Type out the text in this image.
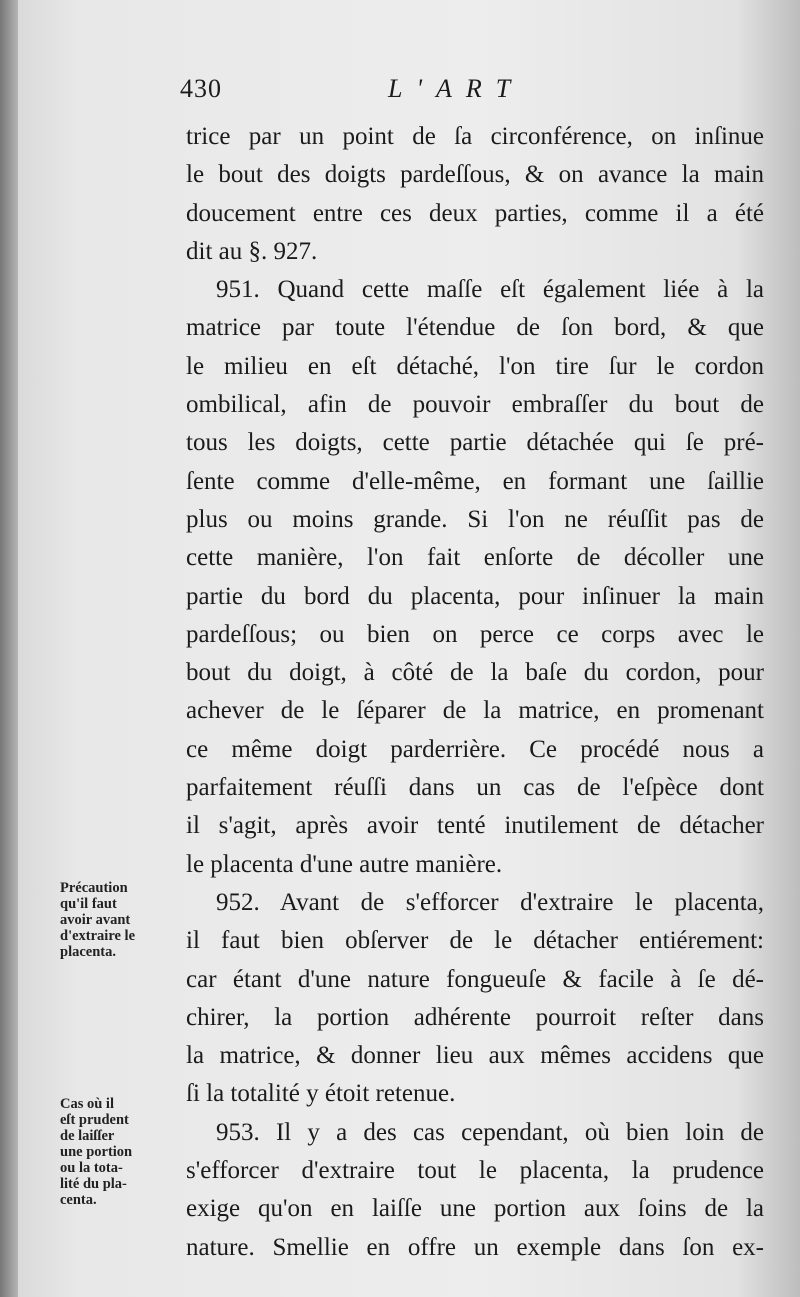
430	L'ART
trice par un point de ſa circonférence, on inſinue
le bout des doigts pardeſſous, & on avance la main
doucement entre ces deux parties, comme il a été
dit au §. 927.
951. Quand cette maſſe eſt également liée à la
matrice par toute l'étendue de ſon bord, & que
le milieu en eſt détaché, l'on tire ſur le cordon
ombilical, afin de pouvoir embraſſer du bout de
tous les doigts, cette partie détachée qui ſe pré-
ſente comme d'elle-même, en formant une ſaillie
plus ou moins grande. Si l'on ne réuſſit pas de
cette manière, l'on fait enſorte de décoller une
partie du bord du placenta, pour inſinuer la main
pardeſſous; ou bien on perce ce corps avec le
bout du doigt, à côté de la baſe du cordon, pour
achever de le ſéparer de la matrice, en promenant
ce même doigt parderrière. Ce procédé nous a
parfaitement réuſſi dans un cas de l'eſpèce dont
il s'agit, après avoir tenté inutilement de détacher
le placenta d'une autre manière.
952. Avant de s'efforcer d'extraire le placenta,
il faut bien obſerver de le détacher entiérement:
car étant d'une nature fongueuſe & facile à ſe dé-
chirer, la portion adhérente pourroit reſter dans
la matrice, & donner lieu aux mêmes accidens que
ſi la totalité y étoit retenue.
953. Il y a des cas cependant, où bien loin de
s'efforcer d'extraire tout le placenta, la prudence
exige qu'on en laiſſe une portion aux ſoins de la
nature. Smellie en offre un exemple dans ſon ex-
Précaution
qu'il faut
avoir avant
d'extraire le
placenta.
Cas où il
eſt prudent
de laiſſer
une portion
ou la tota-
lité du pla-
centa.
